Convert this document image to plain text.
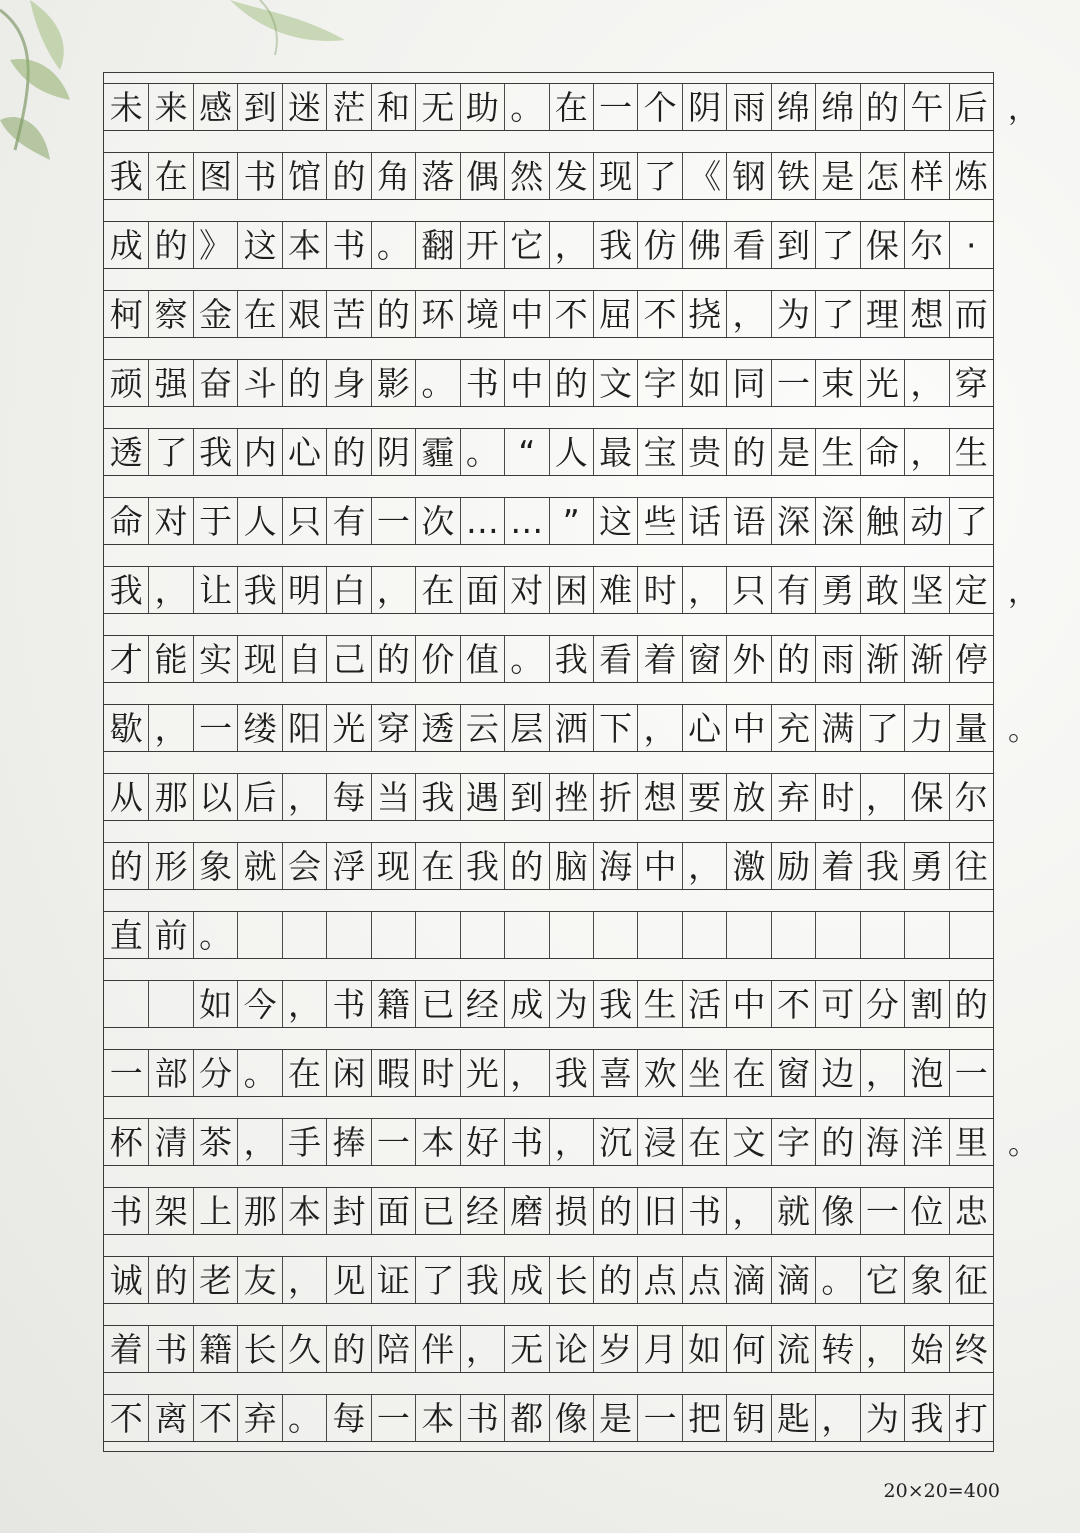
未 来 感 到 迷 茫 和 无 助 。 在 一 个 阴 雨 绵 绵 的 午 后
我 在 图 书 馆 的 角 落 偶 然 发 现 了 《 钢 铁 是 怎 样 炼
成 的 》 这 本 书 。 翻 开 它 ， 我 仿 佛 看 到 了 保 尔 ·
柯 察 金 在 艰 苦 的 环 境 中 不 屈 不 挠 ， 为 了 理 想 而
顽 强 奋 斗 的 身 影 。 书 中 的 文 字 如 同 一 束 光 ， 穿
透 了 我 内 心 的 阴 霾 。 “ 人 最 宝 贵 的 是 生 命 ， 生
命 对 于 人 只 有 一 次 … … ” 这 些 话 语 深 深 触 动 了
我 ， 让 我 明 白 ， 在 面 对 困 难 时 ， 只 有 勇 敢 坚 定
才 能 实 现 自 己 的 价 值 。 我 看 着 窗 外 的 雨 渐 渐 停
歇 ， 一 缕 阳 光 穿 透 云 层 洒 下 ， 心 中 充 满 了 力 量
从 那 以 后 ， 每 当 我 遇 到 挫 折 想 要 放 弃 时 ， 保 尔
的 形 象 就 会 浮 现 在 我 的 脑 海 中 ， 激 励 着 我 勇 往
直 前 。
如 今 ， 书 籍 已 经 成 为 我 生 活 中 不 可 分 割 的
一 部 分 。 在 闲 暇 时 光 ， 我 喜 欢 坐 在 窗 边 ， 泡 一
杯 清 茶 ， 手 捧 一 本 好 书 ， 沉 浸 在 文 字 的 海 洋 里
书 架 上 那 本 封 面 已 经 磨 损 的 旧 书 ， 就 像 一 位 忠
诚 的 老 友 ， 见 证 了 我 成 长 的 点 点 滴 滴 。 它 象 征
着 书 籍 长 久 的 陪 伴 ， 无 论 岁 月 如 何 流 转 ， 始 终
不 离 不 弃 。 每 一 本 书 都 像 是 一 把 钥 匙 ， 为 我 打
，
，
。
。
20×20=400
